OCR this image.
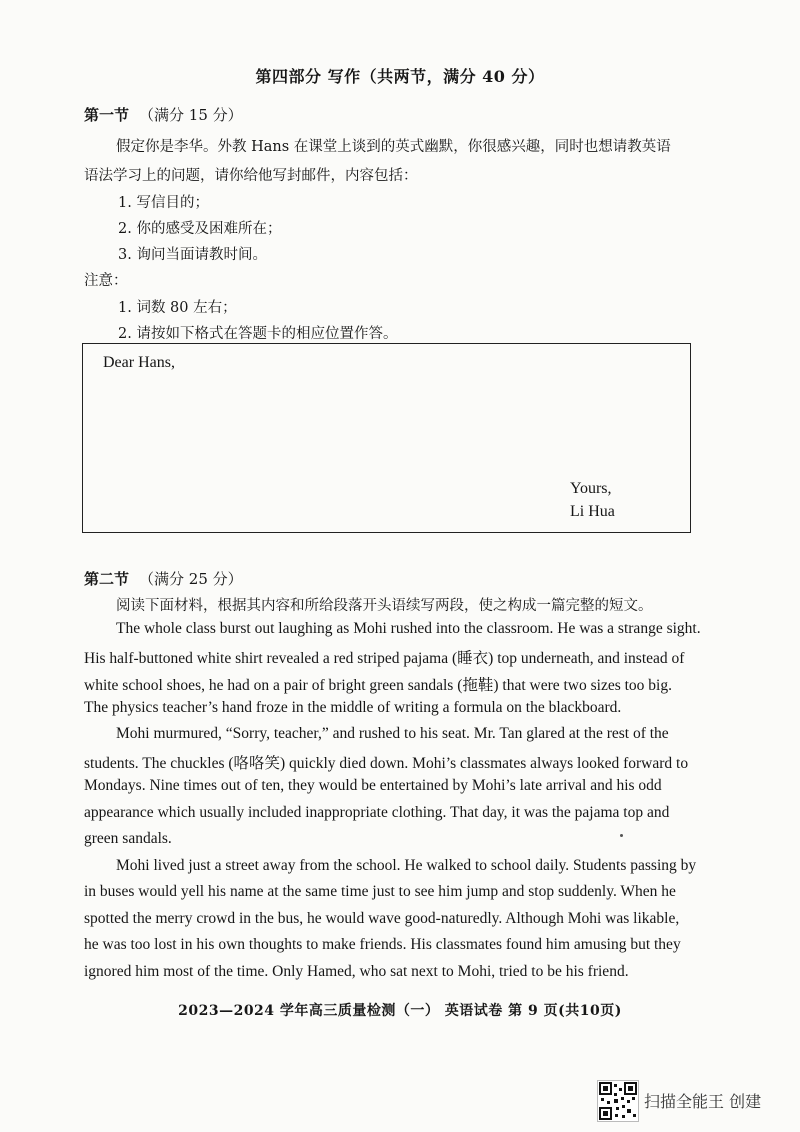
第四部分 写作（共两节，满分 40 分）
第一节 （满分 15 分）
假定你是李华。外教 Hans 在课堂上谈到的英式幽默，你很感兴趣，同时也想请教英语
语法学习上的问题，请你给他写封邮件，内容包括：
1. 写信目的；
2. 你的感受及困难所在；
3. 询问当面请教时间。
注意：
1. 词数 80 左右；
2. 请按如下格式在答题卡的相应位置作答。
Dear Hans,
Yours,
Li Hua
第二节 （满分 25 分）
阅读下面材料，根据其内容和所给段落开头语续写两段，使之构成一篇完整的短文。
The whole class burst out laughing as Mohi rushed into the classroom. He was a strange sight.
His half-buttoned white shirt revealed a red striped pajama (睡衣) top underneath, and instead of
white school shoes, he had on a pair of bright green sandals (拖鞋) that were two sizes too big.
The physics teacher’s hand froze in the middle of writing a formula on the blackboard.
Mohi murmured, “Sorry, teacher,” and rushed to his seat. Mr. Tan glared at the rest of the
students. The chuckles (咯咯笑) quickly died down. Mohi’s classmates always looked forward to
Mondays. Nine times out of ten, they would be entertained by Mohi’s late arrival and his odd
appearance which usually included inappropriate clothing. That day, it was the pajama top and
green sandals.
Mohi lived just a street away from the school. He walked to school daily. Students passing by
in buses would yell his name at the same time just to see him jump and stop suddenly. When he
spotted the merry crowd in the bus, he would wave good-naturedly. Although Mohi was likable,
he was too lost in his own thoughts to make friends. His classmates found him amusing but they
ignored him most of the time. Only Hamed, who sat next to Mohi, tried to be his friend.
2023—2024 学年高三质量检测（一） 英语试卷 第 9 页(共10页)
扫描全能王 创建
